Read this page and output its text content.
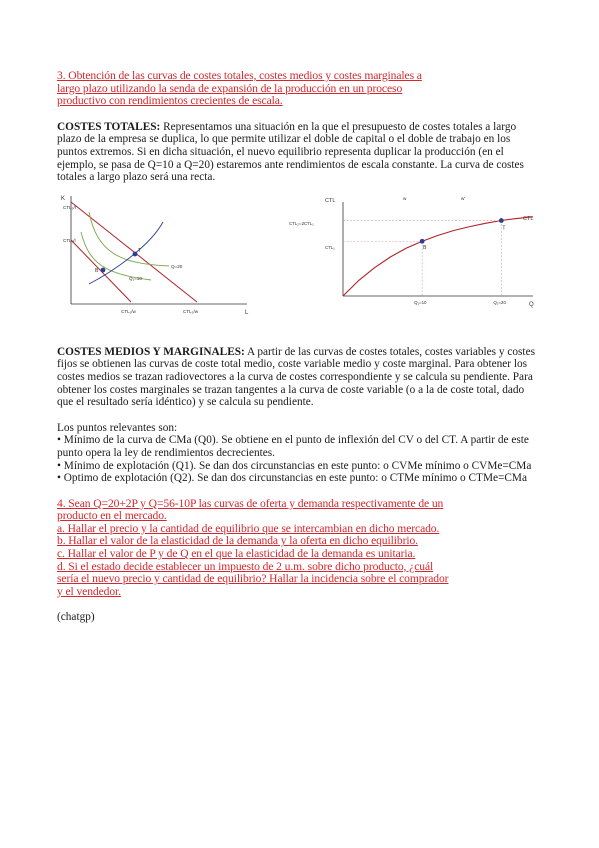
3. Obtención de las curvas de costes totales, costes medios y costes marginales a
largo plazo utilizando la senda de expansión de la producción en un proceso
productivo con rendimientos crecientes de escala.
COSTES TOTALES: Representamos una situación en la que el presupuesto de costes totales a largo plazo de la empresa se duplica, lo que permite utilizar el doble de capital o el doble de trabajo en los puntos extremos. Si en dicha situación, el nuevo equilibrio representa duplicar la producción (en el ejemplo, se pasa de Q=10 a Q=20) estaremos ante rendimientos de escala constante. La curva de costes totales a largo plazo será una recta.
K
L
T
B
CTL₂/r
CTL₁/r
Q=20
Q₁=10
CTL₁/w	CTL₂/w
CTL
Q
w	w'
CTL
CTL₂=2CTL₁
CTL₁
Q₁=10	Q₂=20
B
T
COSTES MEDIOS Y MARGINALES: A partir de las curvas de costes totales, costes variables y costes fijos se obtienen las curvas de coste total medio, coste variable medio y coste marginal. Para obtener los costes medios se trazan radiovectores a la curva de costes correspondiente y se calcula su pendiente. Para obtener los costes marginales se trazan tangentes a la curva de coste variable (o a la de coste total, dado que el resultado sería idéntico) y se calcula su pendiente.
Los puntos relevantes son:
• Mínimo de la curva de CMa (Q0). Se obtiene en el punto de inflexión del CV o del CT. A partir de este punto opera la ley de rendimientos decrecientes.
• Mínimo de explotación (Q1). Se dan dos circunstancias en este punto: o CVMe mínimo o CVMe=CMa
• Optimo de explotación (Q2). Se dan dos circunstancias en este punto: o CTMe mínimo o CTMe=CMa
4. Sean Q=20+2P y Q=56-10P las curvas de oferta y demanda respectivamente de un
producto en el mercado.
a. Hallar el precio y la cantidad de equilibrio que se intercambian en dicho mercado.
b. Hallar el valor de la elasticidad de la demanda y la oferta en dicho equilibrio.
c. Hallar el valor de P y de Q en el que la elasticidad de la demanda es unitaria.
d. Si el estado decide establecer un impuesto de 2 u.m. sobre dicho producto, ¿cuál
sería el nuevo precio y cantidad de equilibrio? Hallar la incidencia sobre el comprador
y el vendedor.
(chatgp)
